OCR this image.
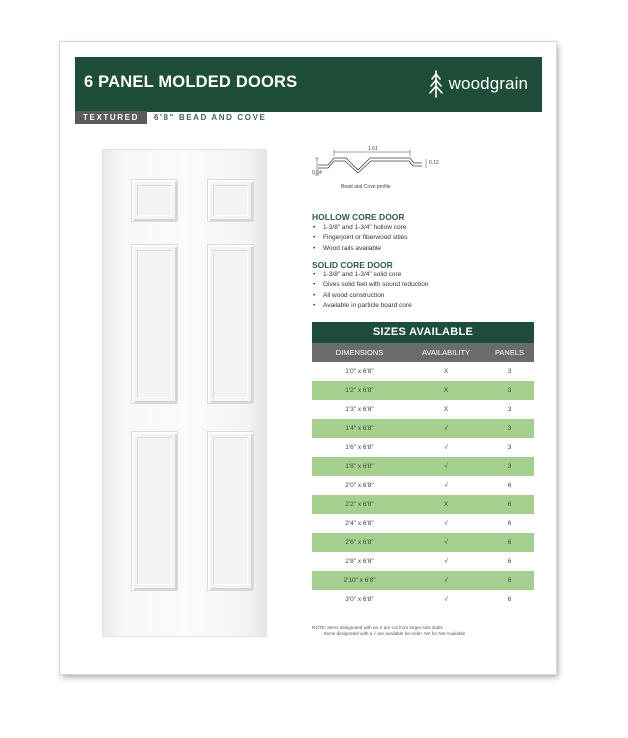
6 PANEL MOLDED DOORS	woodgrain
TEXTURED	6'8" BEAD AND COVE
1.61
0.54
0.12
Bead and Cove profile
HOLLOW CORE DOOR
• 1-3/8" and 1-3/4" hollow core
• Fingerjoint or fiberwood stiles
• Wood rails available
SOLID CORE DOOR
• 1-3/8" and 1-3/4" solid core
• Gives solid feel with sound reduction
• All wood construction
• Available in particle board core
SIZES AVAILABLE
DIMENSIONS	AVAILABILITY	PANELS
1'0" x 6'8"	X	3
1'2" x 6'8"	X	3
1'3" x 6'8"	X	3
1'4" x 6'8"	√	3
1'6" x 6'8"	√	3
1'8" x 6'8"	√	3
2'0" x 6'8"	√	6
2'2" x 6'8"	X	6
2'4" x 6'8"	√	6
2'6" x 6'8"	√	6
2'8" x 6'8"	√	6
2'10" x 6'8"	√	6
3'0" x 6'8"	√	6
NOTE: Items designated with an X are cut from larger size slabs
Items designated with a √ are available for order. NA for Not Available
